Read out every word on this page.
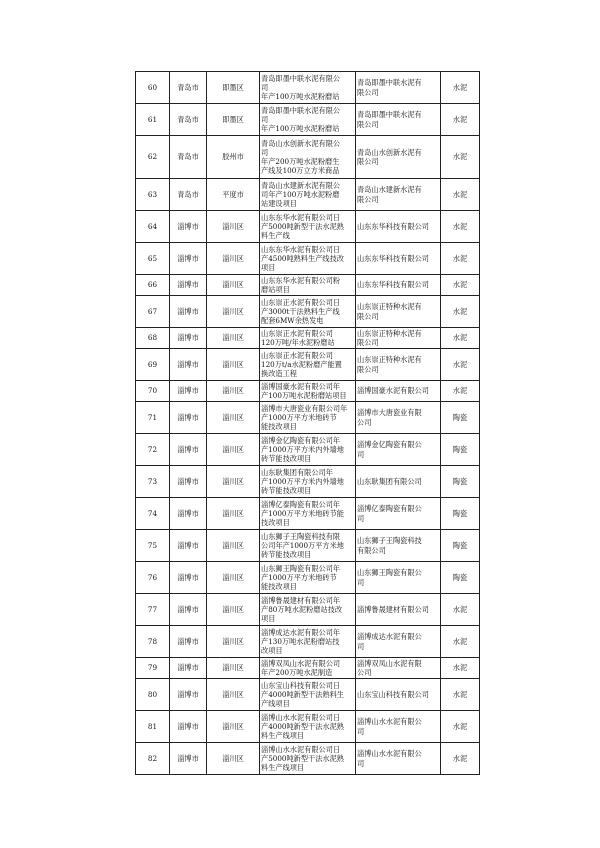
60	青岛市	即墨区	青岛即墨中联水泥有限公
司
年产100万吨水泥粉磨站	青岛即墨中联水泥有
限公司	水泥
61	青岛市	即墨区	青岛即墨中联水泥有限公
司
年产100万吨水泥粉磨站	青岛即墨中联水泥有
限公司	水泥
62	青岛市	胶州市	青岛山水创新水泥有限公
司
年产200万吨水泥粉磨生
产线及100万立方米商品	青岛山水创新水泥有
限公司	水泥
63	青岛市	平度市	青岛山水建新水泥有限公
司年产100万吨水泥粉磨
站建设项目	青岛山水建新水泥有
限公司	水泥
64	淄博市	淄川区	山东东华水泥有限公司日
产5000吨新型干法水泥熟
料生产线	山东东华科技有限公司	水泥
65	淄博市	淄川区	山东东华水泥有限公司日
产4500吨熟料生产线技改
项目	山东东华科技有限公司	水泥
66	淄博市	淄川区	山东东华水泥有限公司粉
磨站项目	山东东华科技有限公司	水泥
67	淄博市	淄川区	山东崇正水泥有限公司日
产3000t干法熟料生产线
配套6MW余热发电	山东崇正特种水泥有
限公司	水泥
68	淄博市	淄川区	山东崇正水泥有限公司
120万吨/年水泥粉磨站	山东崇正特种水泥有
限公司	水泥
69	淄博市	淄川区	山东崇正水泥有限公司
120万t/a水泥粉磨产能置
换改造工程	山东崇正特种水泥有
限公司	水泥
70	淄博市	淄川区	淄博国豪水泥有限公司年
产100万吨水泥粉磨站项目	淄博国豪水泥有限公司	水泥
71	淄博市	淄川区	淄博市大唐瓷业有限公司年
产1000万平方米地砖节
能技改项目	淄博市大唐瓷业有限
公司	陶瓷
72	淄博市	淄川区	淄博金亿陶瓷有限公司年
产1000万平方米内外墙地
砖节能技改项目	淄博金亿陶瓷有限公
司	陶瓷
73	淄博市	淄川区	山东耿集团有限公司年
产1000万平方米内外墙地
砖节能技改项目	山东耿集团有限公司	陶瓷
74	淄博市	淄川区	淄博亿泰陶瓷有限公司年
产1000万平方米地砖节能
技改项目	淄博亿泰陶瓷有限公
司	陶瓷
75	淄博市	淄川区	山东狮子王陶瓷科技有限
公司年产1000万平方米地
砖节能技改项目	山东狮子王陶瓷科技
有限公司	陶瓷
76	淄博市	淄川区	山东狮王陶瓷有限公司年
产1000万平方米地砖节
能技改项目	山东狮王陶瓷有限公
司	陶瓷
77	淄博市	淄川区	淄博鲁晟建材有限公司年
产80万吨水泥粉磨站技改
项目	淄博鲁晟建材有限公司	水泥
78	淄博市	淄川区	淄博成达水泥有限公司年
产130万吨水泥粉磨站技
改项目	淄博成达水泥有限公
司	水泥
79	淄博市	淄川区	淄博双凤山水泥有限公司
年产200万吨水泥制造	淄博双凤山水泥有限
公司	水泥
80	淄博市	淄川区	山东宝山科技有限公司日
产4000吨新型干法熟料生
产线项目	山东宝山科技有限公司	水泥
81	淄博市	淄川区	淄博山水水泥有限公司日
产4000吨新型干法水泥熟
料生产线项目	淄博山水水泥有限公
司	水泥
82	淄博市	淄川区	淄博山水水泥有限公司日
产5000吨新型干法水泥熟
料生产线项目	淄博山水水泥有限公
司	水泥
